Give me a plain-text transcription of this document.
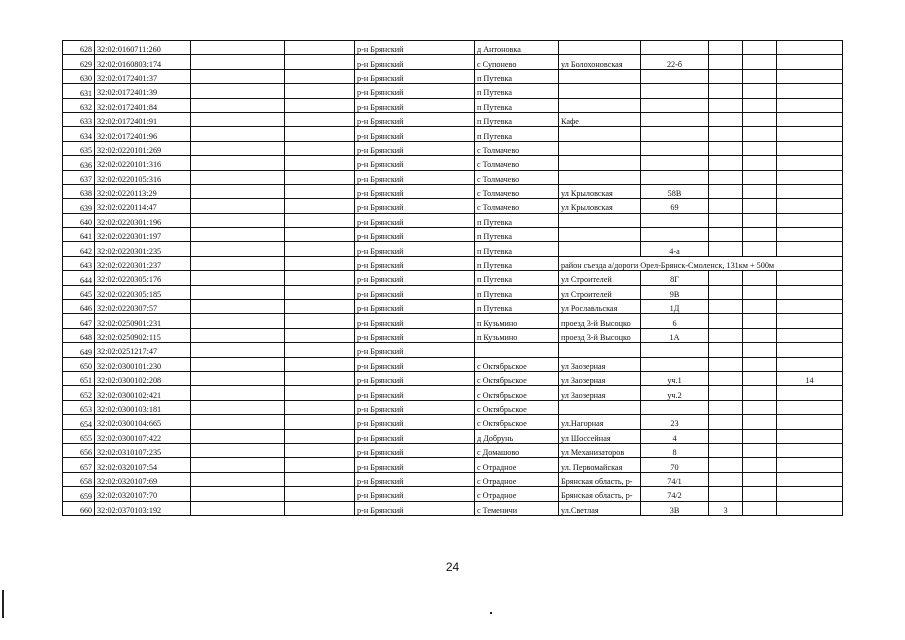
628	32:02:0160711:260			р-н Брянский	д Антоновка						
629	32:02:0160803:174			р-н Брянский	с Супонево	ул Болохоновская	22-б				
630	32:02:0172401:37			р-н Брянский	п Путевка						
631	32:02:0172401:39			р-н Брянский	п Путевка						
632	32:02:0172401:84			р-н Брянский	п Путевка						
633	32:02:0172401:91			р-н Брянский	п Путевка	Кафе					
634	32:02:0172401:96			р-н Брянский	п Путевка						
635	32:02:0220101:269			р-н Брянский	с Толмачево						
636	32:02:0220101:316			р-н Брянский	с Толмачево						
637	32:02:0220105:316			р-н Брянский	с Толмачево						
638	32:02:0220113:29			р-н Брянский	с Толмачево	ул Крыловская	58В				
639	32:02:0220114:47			р-н Брянский	с Толмачево	ул Крыловская	69				
640	32:02:0220301:196			р-н Брянский	п Путевка						
641	32:02:0220301:197			р-н Брянский	п Путевка						
642	32:02:0220301:235			р-н Брянский	п Путевка		4-а				
643	32:02:0220301:237			р-н Брянский	п Путевка	район съезда а/дороги Орел-Брянск-Смоленск, 131км + 500м					
644	32:02:0220305:176			р-н Брянский	п Путевка	ул Строителей	8Г				
645	32:02:0220305:185			р-н Брянский	п Путевка	ул Строителей	9В				
646	32:02:0220307:57			р-н Брянский	п Путевка	ул Рославльская	1Д				
647	32:02:0250901:231			р-н Брянский	п Кузьмино	проезд 3-й Высоцко	6				
648	32:02:0250902:115			р-н Брянский	п Кузьмино	проезд 3-й Высоцко	1А				
649	32:02:0251217:47			р-н Брянский							
650	32:02:0300101:230			р-н Брянский	с Октябрьское	ул Заозерная					
651	32:02:0300102:208			р-н Брянский	с Октябрьское	ул Заозерная	уч.1			14	
652	32:02:0300102:421			р-н Брянский	с Октябрьское	ул Заозерная	уч.2				
653	32:02:0300103:181			р-н Брянский	с Октябрьское						
654	32:02:0300104:665			р-н Брянский	с Октябрьское	ул.Нагорная	23				
655	32:02:0300107:422			р-н Брянский	д Добрунь	ул Шоссейная	4				
656	32:02:0310107:235			р-н Брянский	с Домашово	ул Механизаторов	8				
657	32:02:0320107:54			р-н Брянский	с Отрадное	ул. Первомайская	70				
658	32:02:0320107:69			р-н Брянский	с Отрадное	Брянская область, р-	74/1				
659	32:02:0320107:70			р-н Брянский	с Отрадное	Брянская область, р-	74/2				
660	32:02:0370103:192			р-н Брянский	с Теменичи	ул.Светлая	3В	3			
24
